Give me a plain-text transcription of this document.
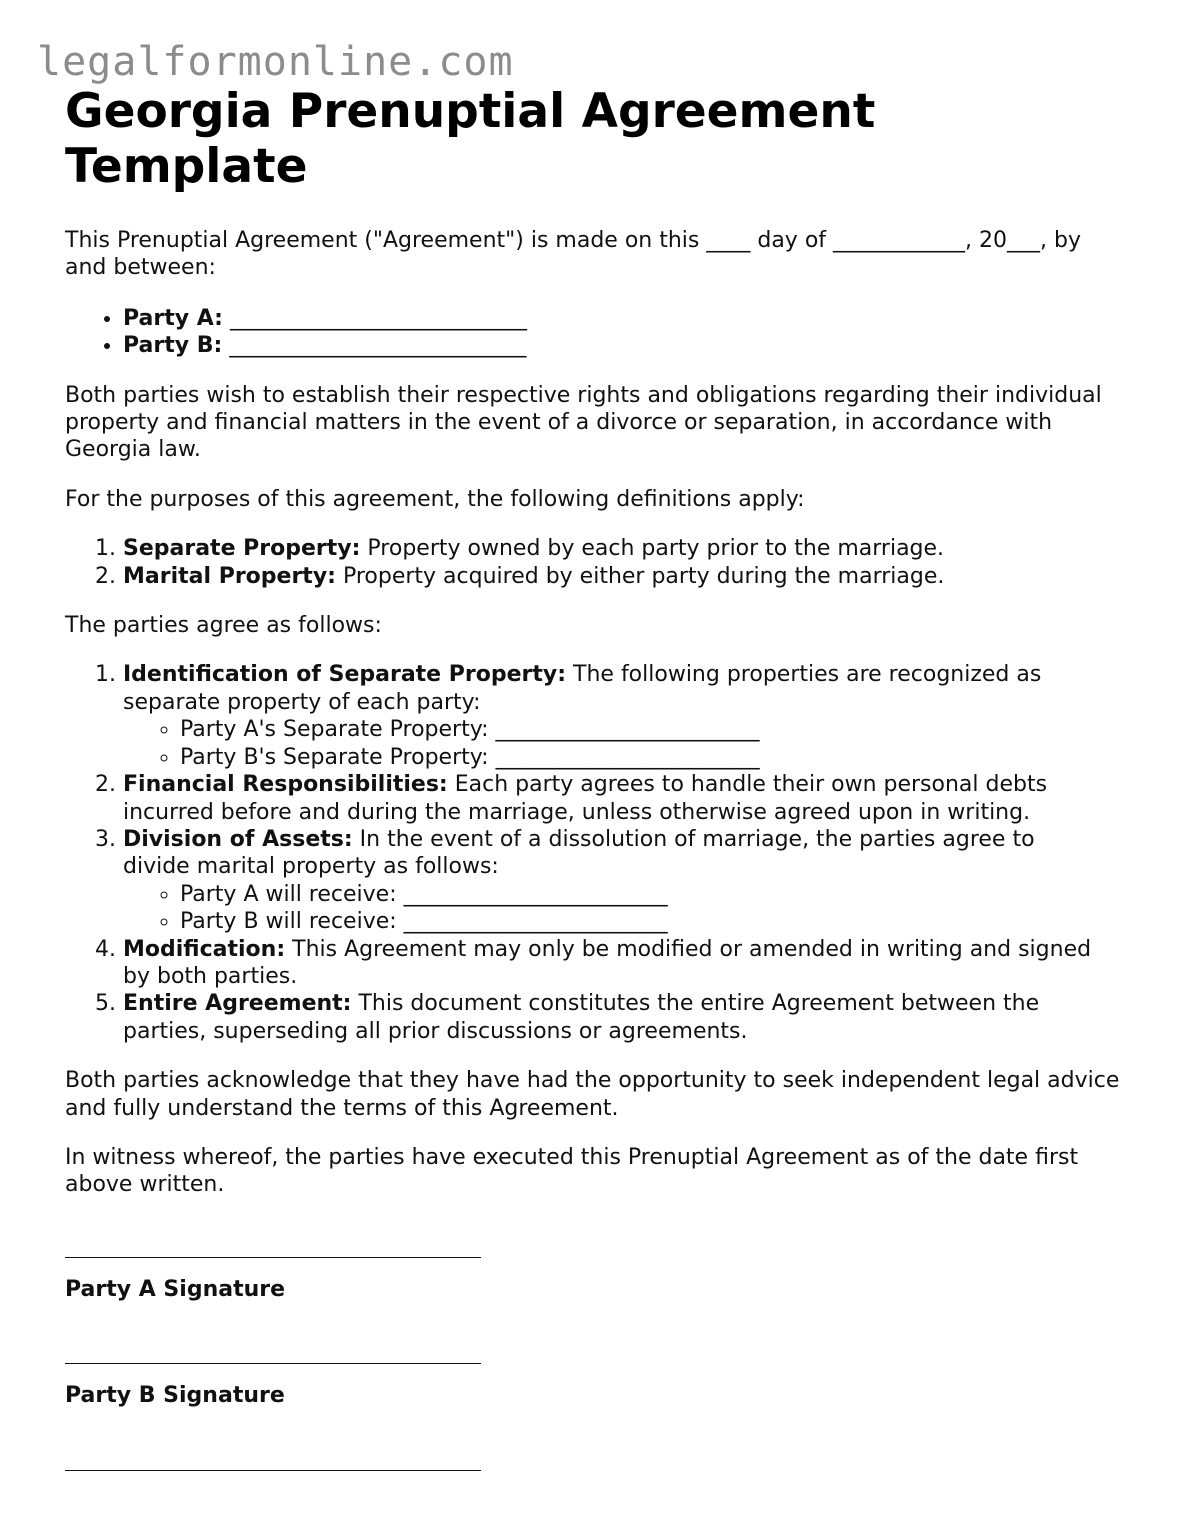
legalformonline.com
Georgia Prenuptial Agreement Template

This Prenuptial Agreement ("Agreement") is made on this ____ day of ____________, 20___, by and between:

• Party A: ___________________________
• Party B: ___________________________

Both parties wish to establish their respective rights and obligations regarding their individual property and financial matters in the event of a divorce or separation, in accordance with Georgia law.

For the purposes of this agreement, the following definitions apply:

1. Separate Property: Property owned by each party prior to the marriage.
2. Marital Property: Property acquired by either party during the marriage.

The parties agree as follows:

1. Identification of Separate Property: The following properties are recognized as separate property of each party:
◦ Party A's Separate Property: ________________________
◦ Party B's Separate Property: ________________________
2. Financial Responsibilities: Each party agrees to handle their own personal debts incurred before and during the marriage, unless otherwise agreed upon in writing.
3. Division of Assets: In the event of a dissolution of marriage, the parties agree to divide marital property as follows:
◦ Party A will receive: ________________________
◦ Party B will receive: ________________________
4. Modification: This Agreement may only be modified or amended in writing and signed by both parties.
5. Entire Agreement: This document constitutes the entire Agreement between the parties, superseding all prior discussions or agreements.

Both parties acknowledge that they have had the opportunity to seek independent legal advice and fully understand the terms of this Agreement.

In witness whereof, the parties have executed this Prenuptial Agreement as of the date first above written.

Party A Signature
Party B Signature
